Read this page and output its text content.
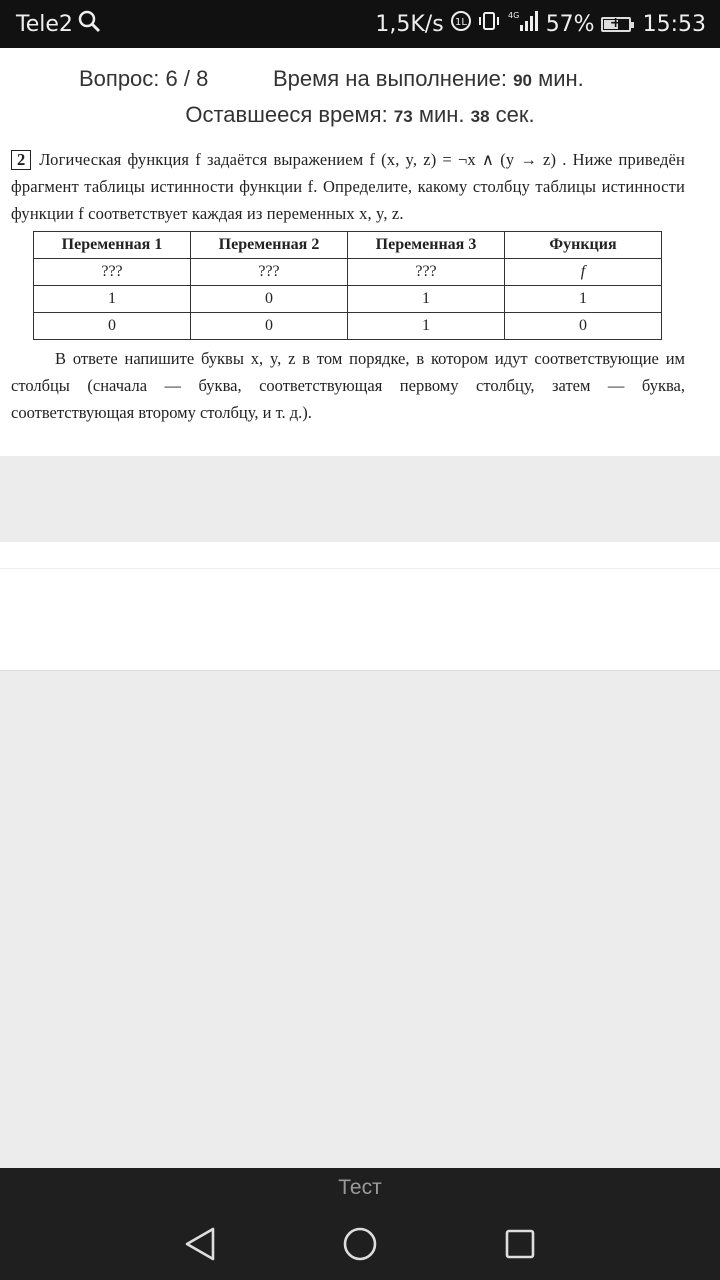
Tele2	1,5K/s 1L
4G 57%	+ 15:53
Вопрос: 6 / 8	Время на выполнение: 90 мин.
Оставшееся время: 73 мин. 38 сек.
2 Логическая функция f задаётся выражением f (x, y, z) = ¬x ∧ (y → z) . Ниже приведён фрагмент таблицы истинности функции f. Определите, какому столбцу таблицы истинности функции f соответствует каждая из переменных x, y, z.
Переменная 1	Переменная 2	Переменная 3	Функция
???	???	???	f
1	0	1	1
0	0	1	0
В ответе напишите буквы x, y, z в том порядке, в котором идут соответствующие им столбцы (сначала — буква, соответствующая первому столбцу, затем — буква, соответствующая второму столбцу, и т. д.).
Тест
